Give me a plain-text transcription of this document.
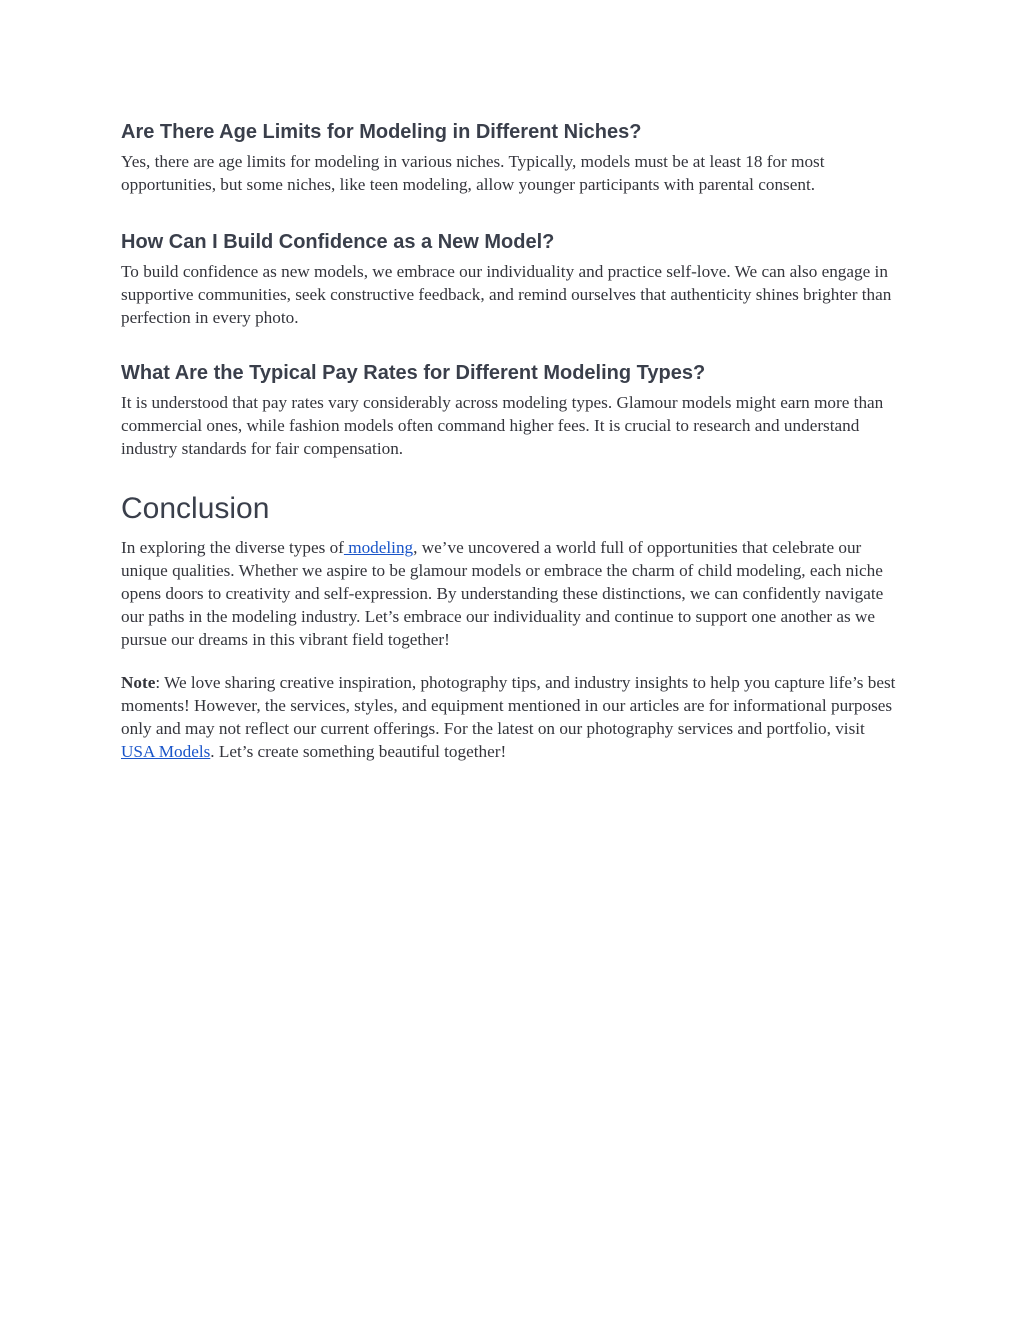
Are There Age Limits for Modeling in Different Niches?

Yes, there are age limits for modeling in various niches. Typically, models must be at least 18 for most opportunities, but some niches, like teen modeling, allow younger participants with parental consent.

How Can I Build Confidence as a New Model?

To build confidence as new models, we embrace our individuality and practice self-love. We can also engage in supportive communities, seek constructive feedback, and remind ourselves that authenticity shines brighter than perfection in every photo.

What Are the Typical Pay Rates for Different Modeling Types?

It is understood that pay rates vary considerably across modeling types. Glamour models might earn more than commercial ones, while fashion models often command higher fees. It is crucial to research and understand industry standards for fair compensation.

Conclusion

In exploring the diverse types of modeling, we’ve uncovered a world full of opportunities that celebrate our unique qualities. Whether we aspire to be glamour models or embrace the charm of child modeling, each niche opens doors to creativity and self-expression. By understanding these distinctions, we can confidently navigate our paths in the modeling industry. Let’s embrace our individuality and continue to support one another as we pursue our dreams in this vibrant field together!

Note: We love sharing creative inspiration, photography tips, and industry insights to help you capture life’s best moments! However, the services, styles, and equipment mentioned in our articles are for informational purposes only and may not reflect our current offerings. For the latest on our photography services and portfolio, visit USA Models. Let’s create something beautiful together!
